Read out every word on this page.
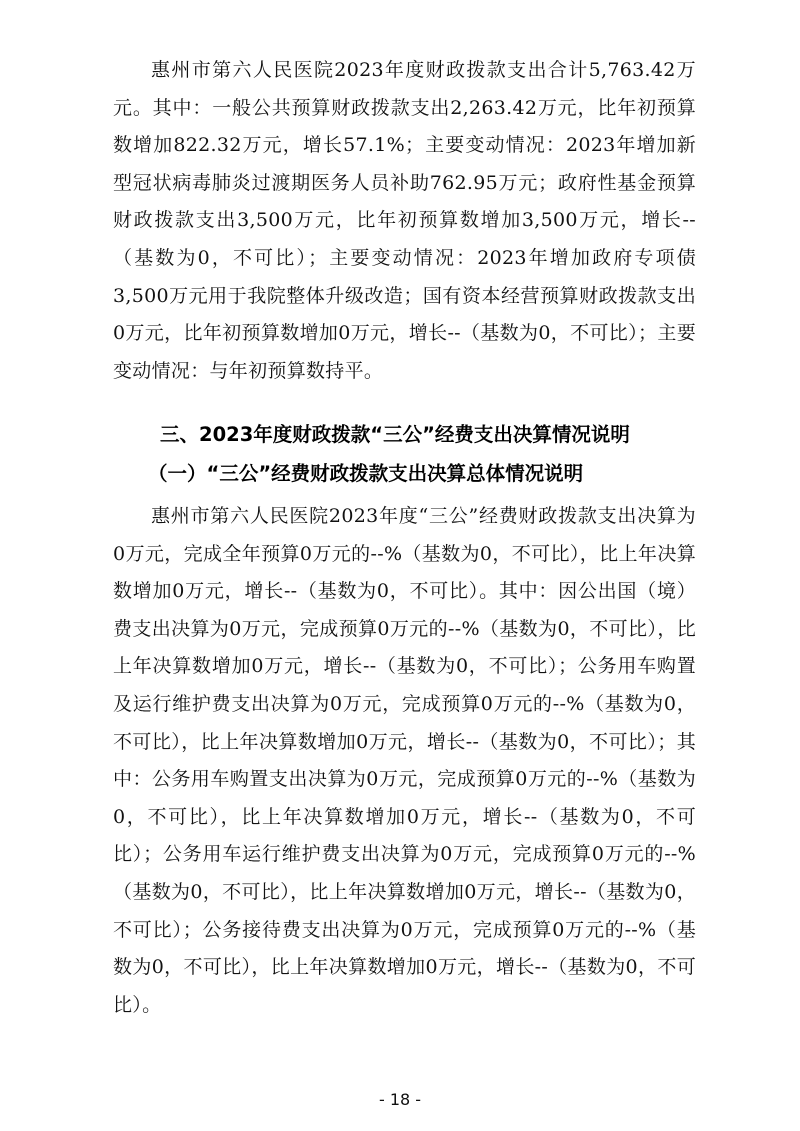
惠州市第六人民医院2023年度财政拨款支出合计5,763.42万元。其中：一般公共预算财政拨款支出2,263.42万元，比年初预算数增加822.32万元，增长57.1%；主要变动情况：2023年增加新型冠状病毒肺炎过渡期医务人员补助762.95万元；政府性基金预算财政拨款支出3,500万元，比年初预算数增加3,500万元，增长--（基数为0，不可比）；主要变动情况：2023年增加政府专项债3,500万元用于我院整体升级改造；国有资本经营预算财政拨款支出0万元，比年初预算数增加0万元，增长--（基数为0，不可比）；主要变动情况：与年初预算数持平。

三、2023年度财政拨款“三公”经费支出决算情况说明
（一）“三公”经费财政拨款支出决算总体情况说明

惠州市第六人民医院2023年度“三公”经费财政拨款支出决算为0万元，完成全年预算0万元的--%（基数为0，不可比），比上年决算数增加0万元，增长--（基数为0，不可比）。其中：因公出国（境）费支出决算为0万元，完成预算0万元的--%（基数为0，不可比），比上年决算数增加0万元，增长--（基数为0，不可比）；公务用车购置及运行维护费支出决算为0万元，完成预算0万元的--%（基数为0，不可比），比上年决算数增加0万元，增长--（基数为0，不可比）；其中：公务用车购置支出决算为0万元，完成预算0万元的--%（基数为0，不可比），比上年决算数增加0万元，增长--（基数为0，不可比）；公务用车运行维护费支出决算为0万元，完成预算0万元的--%（基数为0，不可比），比上年决算数增加0万元，增长--（基数为0，不可比）；公务接待费支出决算为0万元，完成预算0万元的--%（基数为0，不可比），比上年决算数增加0万元，增长--（基数为0，不可比）。

- 18 -
